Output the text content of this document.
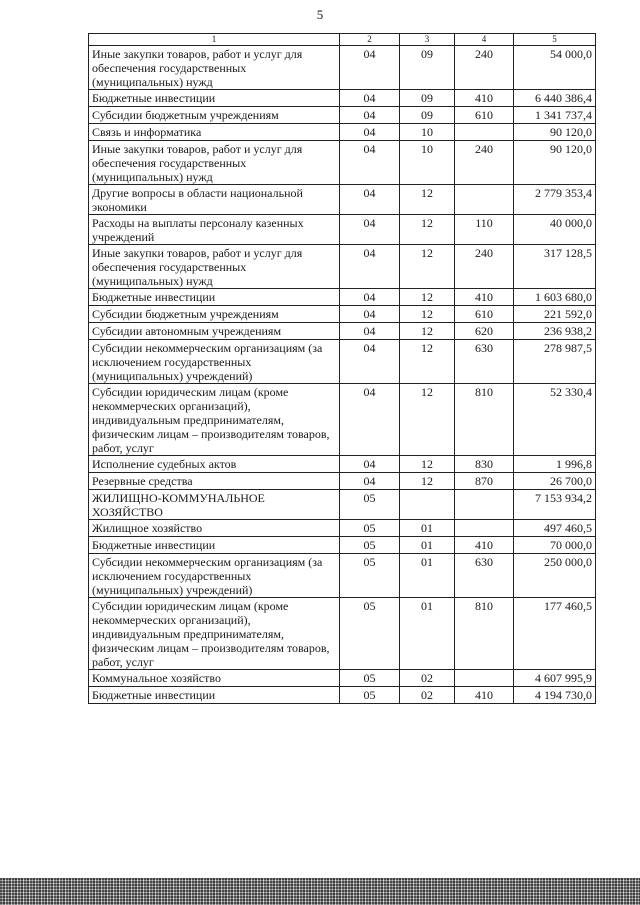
5
1	2	3	4	5
Иные закупки товаров, работ и услуг для обеспечения государственных (муниципальных) нужд	04	09	240	54 000,0
Бюджетные инвестиции	04	09	410	6 440 386,4
Субсидии бюджетным учреждениям	04	09	610	1 341 737,4
Связь и информатика	04	10		90 120,0
Иные закупки товаров, работ и услуг для обеспечения государственных (муниципальных) нужд	04	10	240	90 120,0
Другие вопросы в области национальной экономики	04	12		2 779 353,4
Расходы на выплаты персоналу казенных учреждений	04	12	110	40 000,0
Иные закупки товаров, работ и услуг для обеспечения государственных (муниципальных) нужд	04	12	240	317 128,5
Бюджетные инвестиции	04	12	410	1 603 680,0
Субсидии бюджетным учреждениям	04	12	610	221 592,0
Субсидии автономным учреждениям	04	12	620	236 938,2
Субсидии некоммерческим организациям (за исключением государственных (муниципальных) учреждений)	04	12	630	278 987,5
Субсидии юридическим лицам (кроме некоммерческих организаций), индивидуальным предпринимателям, физическим лицам – производителям товаров, работ, услуг	04	12	810	52 330,4
Исполнение судебных актов	04	12	830	1 996,8
Резервные средства	04	12	870	26 700,0
ЖИЛИЩНО-КОММУНАЛЬНОЕ ХОЗЯЙСТВО	05			7 153 934,2
Жилищное хозяйство	05	01		497 460,5
Бюджетные инвестиции	05	01	410	70 000,0
Субсидии некоммерческим организациям (за исключением государственных (муниципальных) учреждений)	05	01	630	250 000,0
Субсидии юридическим лицам (кроме некоммерческих организаций), индивидуальным предпринимателям, физическим лицам – производителям товаров, работ, услуг	05	01	810	177 460,5
Коммунальное хозяйство	05	02		4 607 995,9
Бюджетные инвестиции	05	02	410	4 194 730,0
